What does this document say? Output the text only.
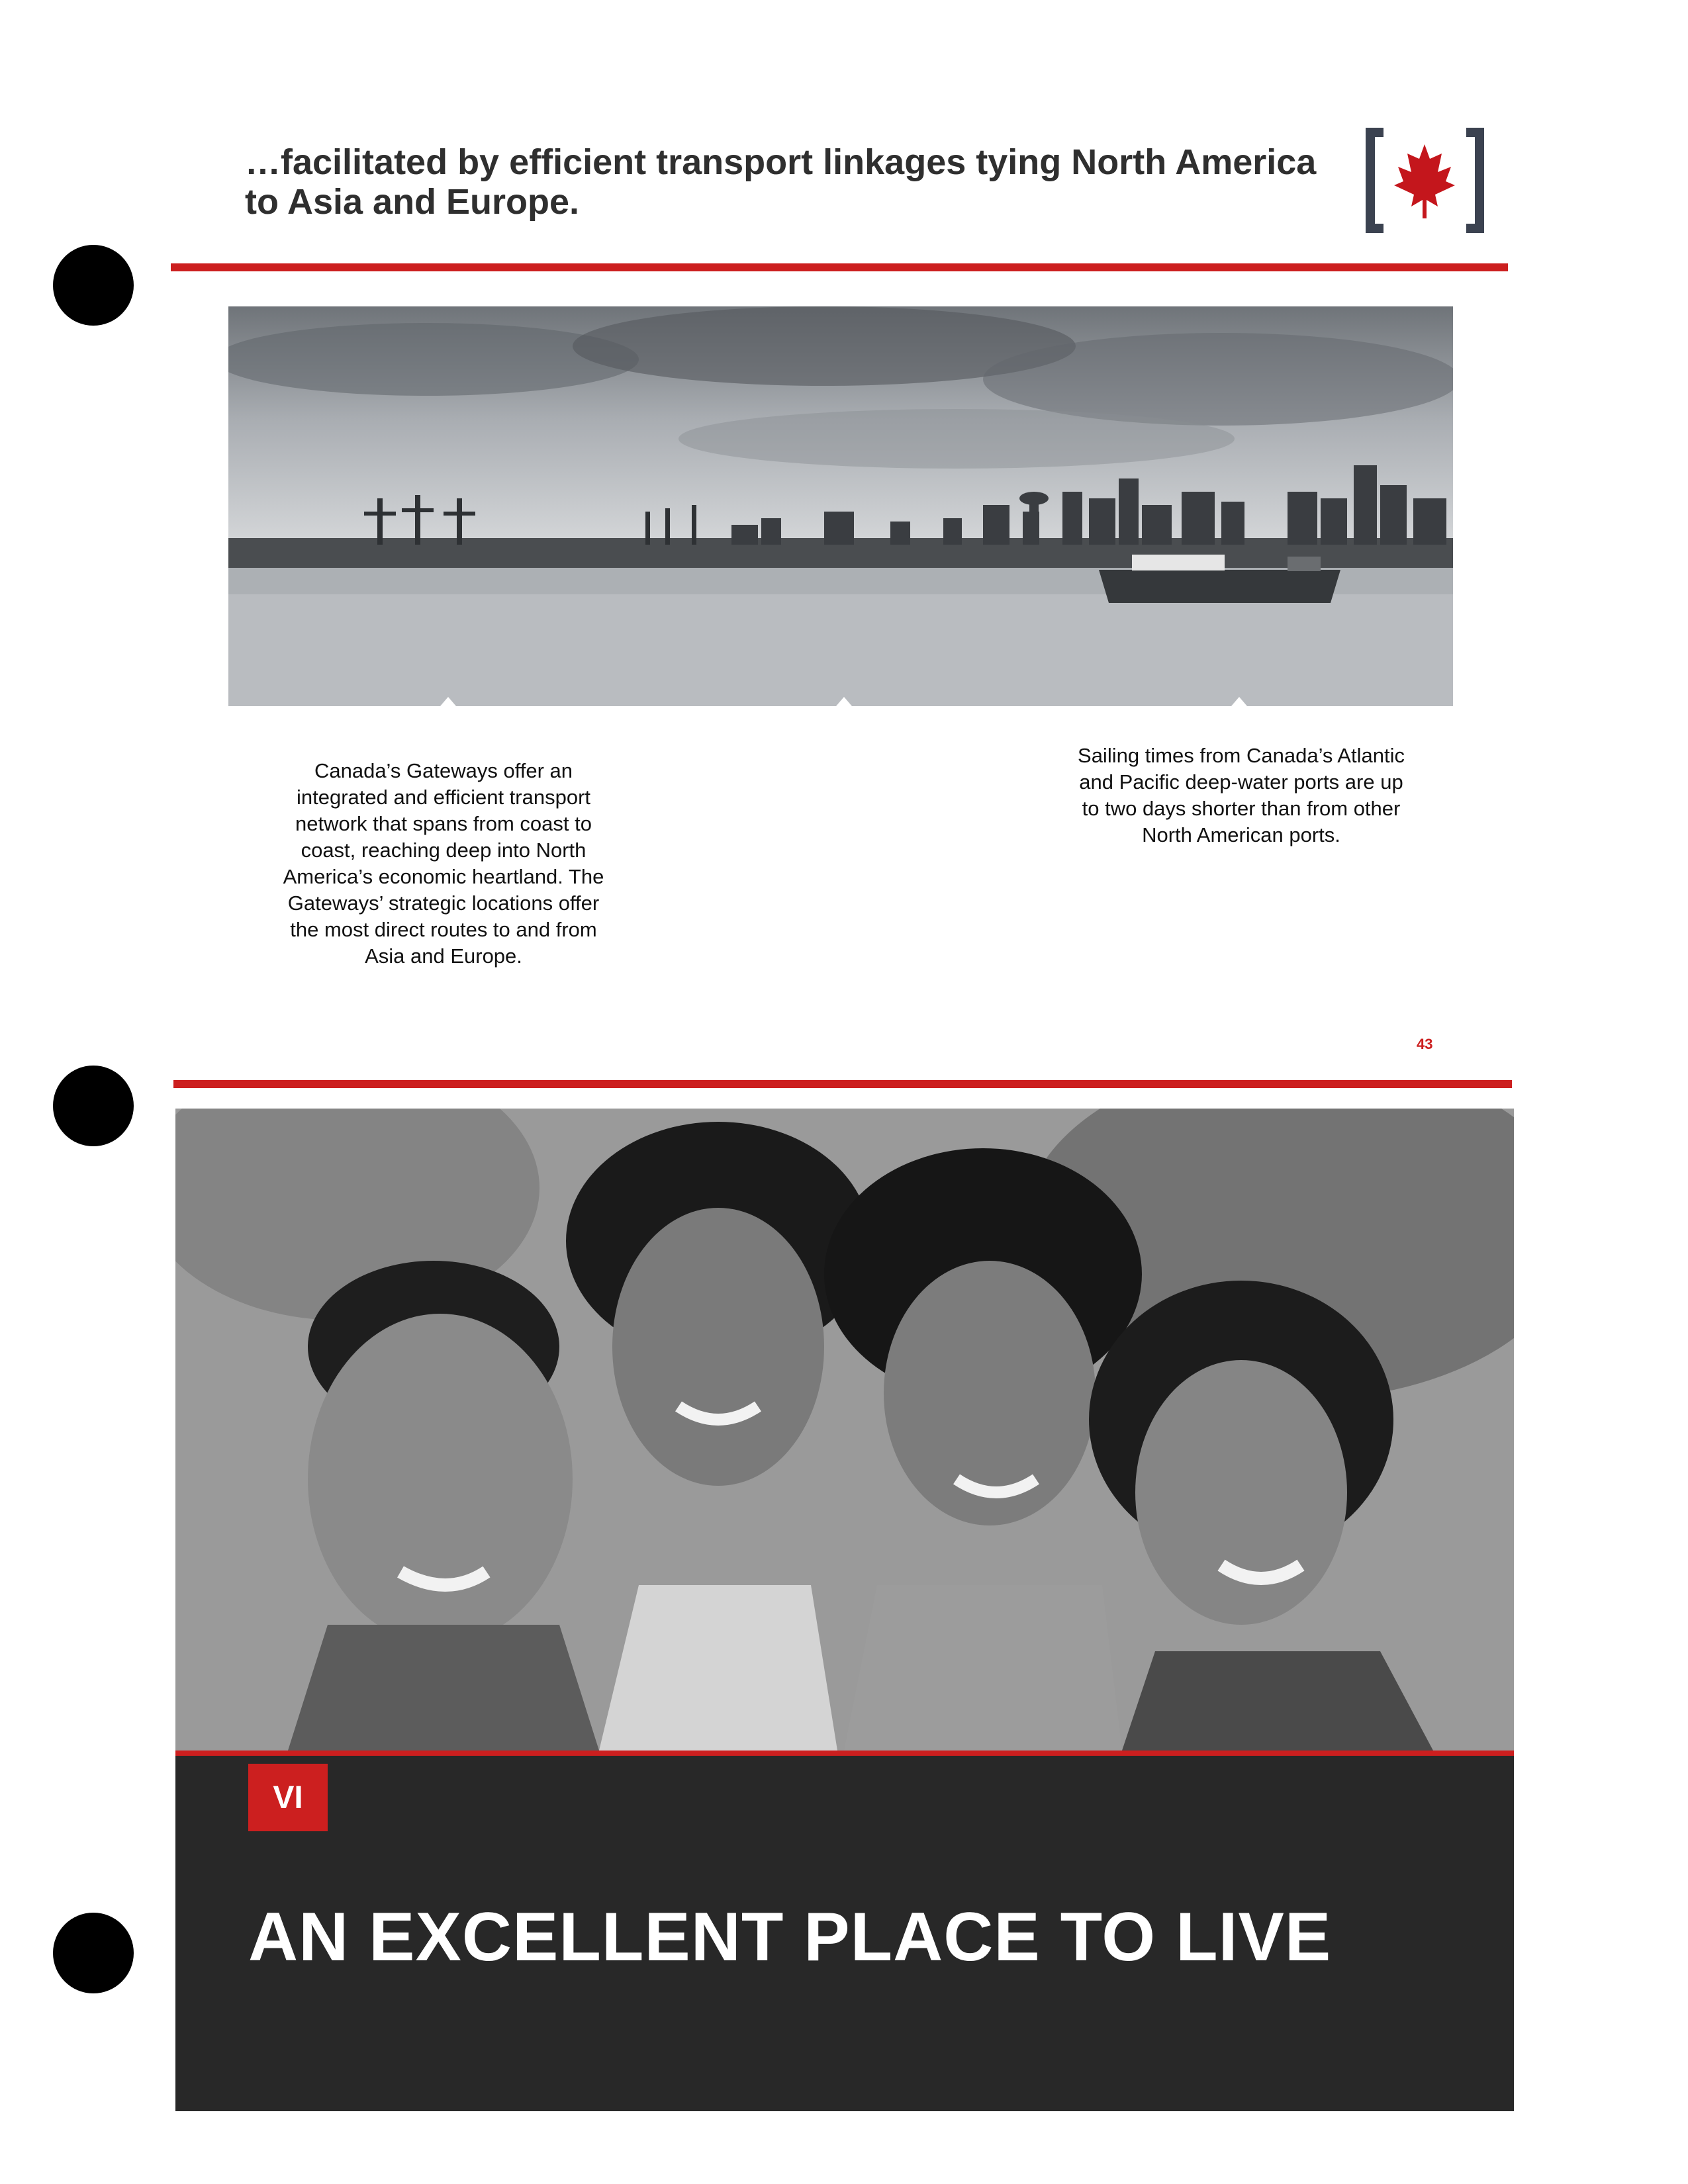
…facilitated by efficient transport linkages tying North America
to Asia and Europe.
Canada’s Gateways offer an integrated and efficient transport network that spans from coast to coast, reaching deep into North America’s economic heartland. The Gateways’ strategic locations offer the most direct routes to and from Asia and Europe.
Sailing times from Canada’s Atlantic and Pacific deep-water ports are up to two days shorter than from other North American ports.
43
VI
AN EXCELLENT PLACE TO LIVE
